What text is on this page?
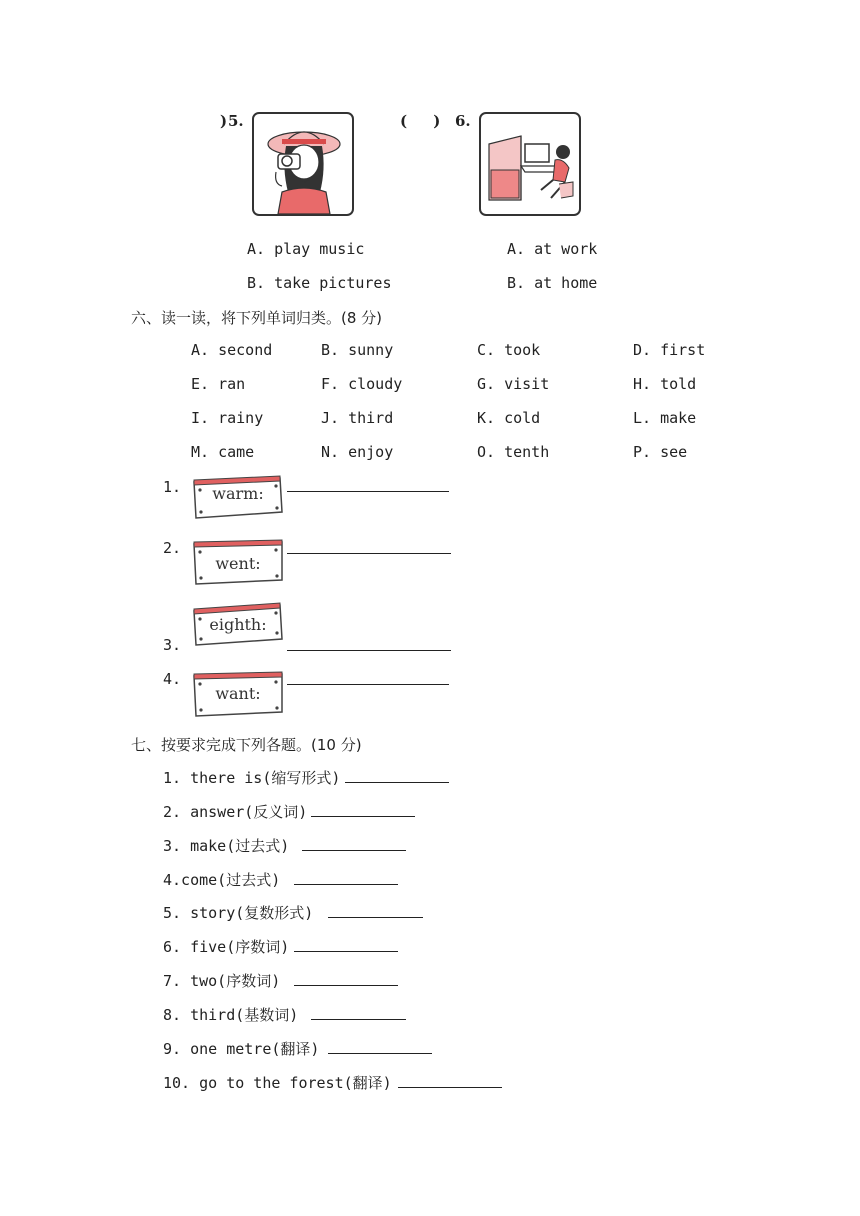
) 5.	(     ) 6.
A. play music
B. take pictures
A. at work
B. at home
六、读一读，将下列单词归类。(8 分)
A. second	B. sunny	C. took	D. first
E. ran	F. cloudy	G. visit	H. told
I. rainy	J. third	K. cold	L. make
M. came	N. enjoy	O. tenth	P. see
1.	warm:
2.
went:
eighth:
3.
4.
want:
七、按要求完成下列各题。(10 分)
1. there is(缩写形式)
2. answer(反义词)
3. make(过去式)
4.come(过去式)
5. story(复数形式)
6. five(序数词)
7. two(序数词)
8. third(基数词)
9. one metre(翻译)
10. go to the forest(翻译)
